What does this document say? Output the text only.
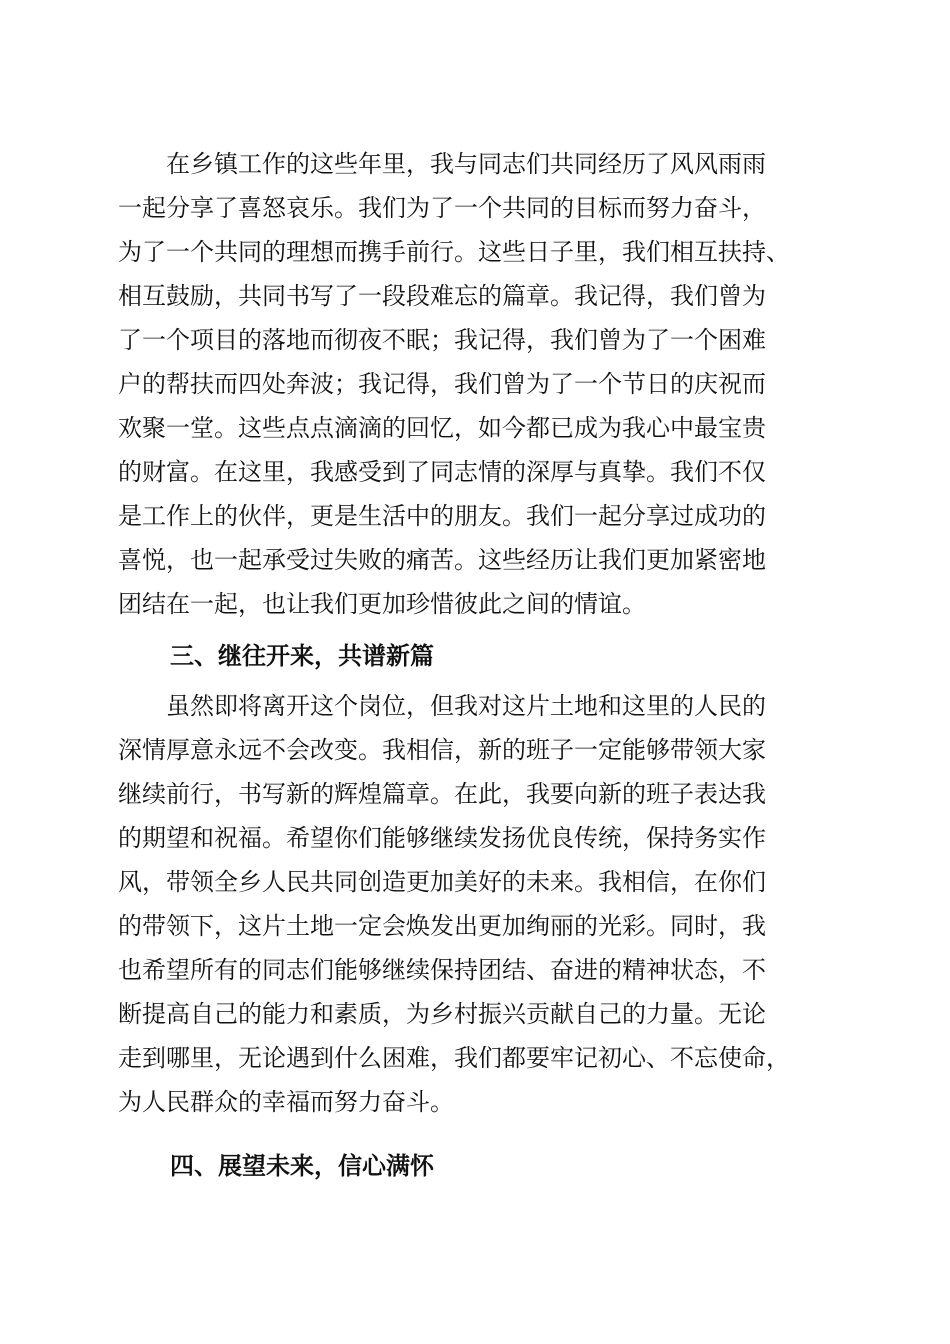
在乡镇工作的这些年里，我与同志们共同经历了风风雨雨
一起分享了喜怒哀乐。我们为了一个共同的目标而努力奋斗，
为了一个共同的理想而携手前行。这些日子里，我们相互扶持、
相互鼓励，共同书写了一段段难忘的篇章。我记得，我们曾为
了一个项目的落地而彻夜不眠；我记得，我们曾为了一个困难
户的帮扶而四处奔波；我记得，我们曾为了一个节日的庆祝而
欢聚一堂。这些点点滴滴的回忆，如今都已成为我心中最宝贵
的财富。在这里，我感受到了同志情的深厚与真挚。我们不仅
是工作上的伙伴，更是生活中的朋友。我们一起分享过成功的
喜悦，也一起承受过失败的痛苦。这些经历让我们更加紧密地
团结在一起，也让我们更加珍惜彼此之间的情谊。
三、继往开来，共谱新篇
虽然即将离开这个岗位，但我对这片土地和这里的人民的
深情厚意永远不会改变。我相信，新的班子一定能够带领大家
继续前行，书写新的辉煌篇章。在此，我要向新的班子表达我
的期望和祝福。希望你们能够继续发扬优良传统，保持务实作
风，带领全乡人民共同创造更加美好的未来。我相信，在你们
的带领下，这片土地一定会焕发出更加绚丽的光彩。同时，我
也希望所有的同志们能够继续保持团结、奋进的精神状态，不
断提高自己的能力和素质，为乡村振兴贡献自己的力量。无论
走到哪里，无论遇到什么困难，我们都要牢记初心、不忘使命，
为人民群众的幸福而努力奋斗。
四、展望未来，信心满怀
